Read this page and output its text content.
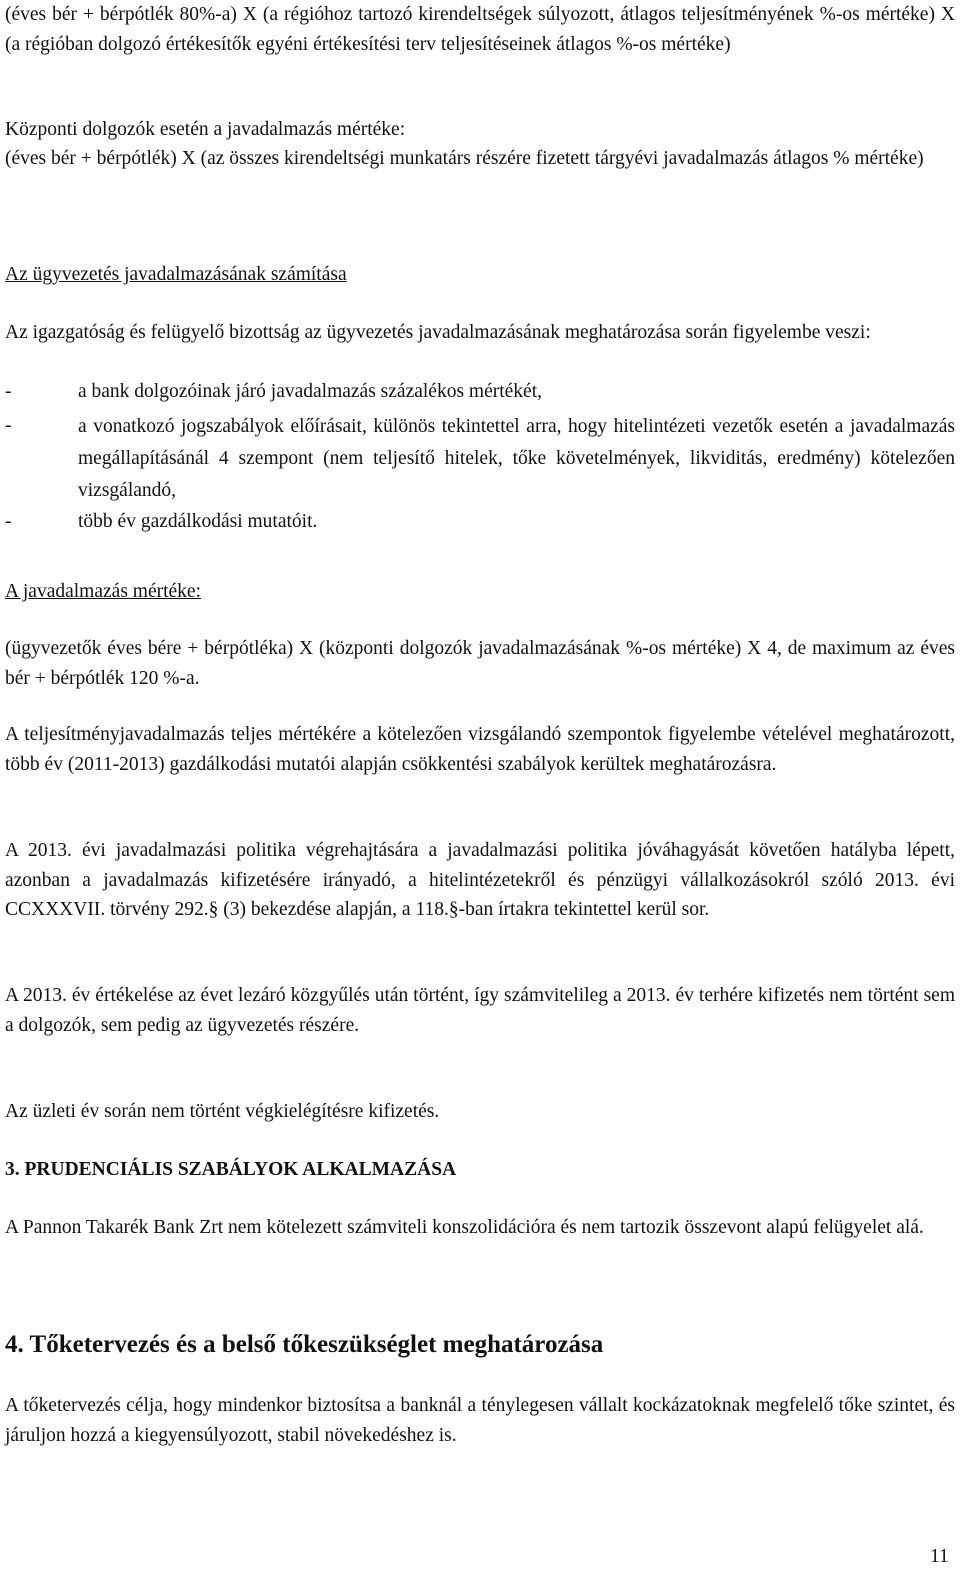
(éves bér + bérpótlék 80%-a) X (a régióhoz tartozó kirendeltségek súlyozott, átlagos teljesítményének %-os mértéke) X (a régióban dolgozó értékesítők egyéni értékesítési terv teljesítéseinek átlagos %-os mértéke)

Központi dolgozók esetén a javadalmazás mértéke:

(éves bér + bérpótlék) X (az összes kirendeltségi munkatárs részére fizetett tárgyévi javadalmazás átlagos % mértéke)

Az ügyvezetés javadalmazásának számítása

Az igazgatóság és felügyelő bizottság az ügyvezetés javadalmazásának meghatározása során figyelembe veszi:

-	a bank dolgozóinak járó javadalmazás százalékos mértékét,
-	a vonatkozó jogszabályok előírásait, különös tekintettel arra, hogy hitelintézeti vezetők esetén a javadalmazás megállapításánál 4 szempont (nem teljesítő hitelek, tőke követelmények, likviditás, eredmény) kötelezően vizsgálandó,
-	több év gazdálkodási mutatóit.

A javadalmazás mértéke:

(ügyvezetők éves bére + bérpótléka) X (központi dolgozók javadalmazásának %-os mértéke) X 4, de maximum az éves bér + bérpótlék 120 %-a.

A teljesítményjavadalmazás teljes mértékére a kötelezően vizsgálandó szempontok figyelembe vételével meghatározott, több év (2011-2013) gazdálkodási mutatói alapján csökkentési szabályok kerültek meghatározásra.

A 2013. évi javadalmazási politika végrehajtására a javadalmazási politika jóváhagyását követően hatályba lépett, azonban a javadalmazás kifizetésére irányadó, a hitelintézetekről és pénzügyi vállalkozásokról szóló 2013. évi CCXXXVII. törvény 292.§ (3) bekezdése alapján, a 118.§-ban írtakra tekintettel kerül sor.

A 2013. év értékelése az évet lezáró közgyűlés után történt, így számvitelileg a 2013. év terhére kifizetés nem történt sem a dolgozók, sem pedig az ügyvezetés részére.

Az üzleti év során nem történt végkielégítésre kifizetés.

3. PRUDENCIÁLIS SZABÁLYOK ALKALMAZÁSA

A Pannon Takarék Bank Zrt nem kötelezett számviteli konszolidációra és nem tartozik összevont alapú felügyelet alá.

4. Tőketervezés és a belső tőkeszükséglet meghatározása

A tőketervezés célja, hogy mindenkor biztosítsa a banknál a ténylegesen vállalt kockázatoknak megfelelő tőke szintet, és járuljon hozzá a kiegyensúlyozott, stabil növekedéshez is.

11
